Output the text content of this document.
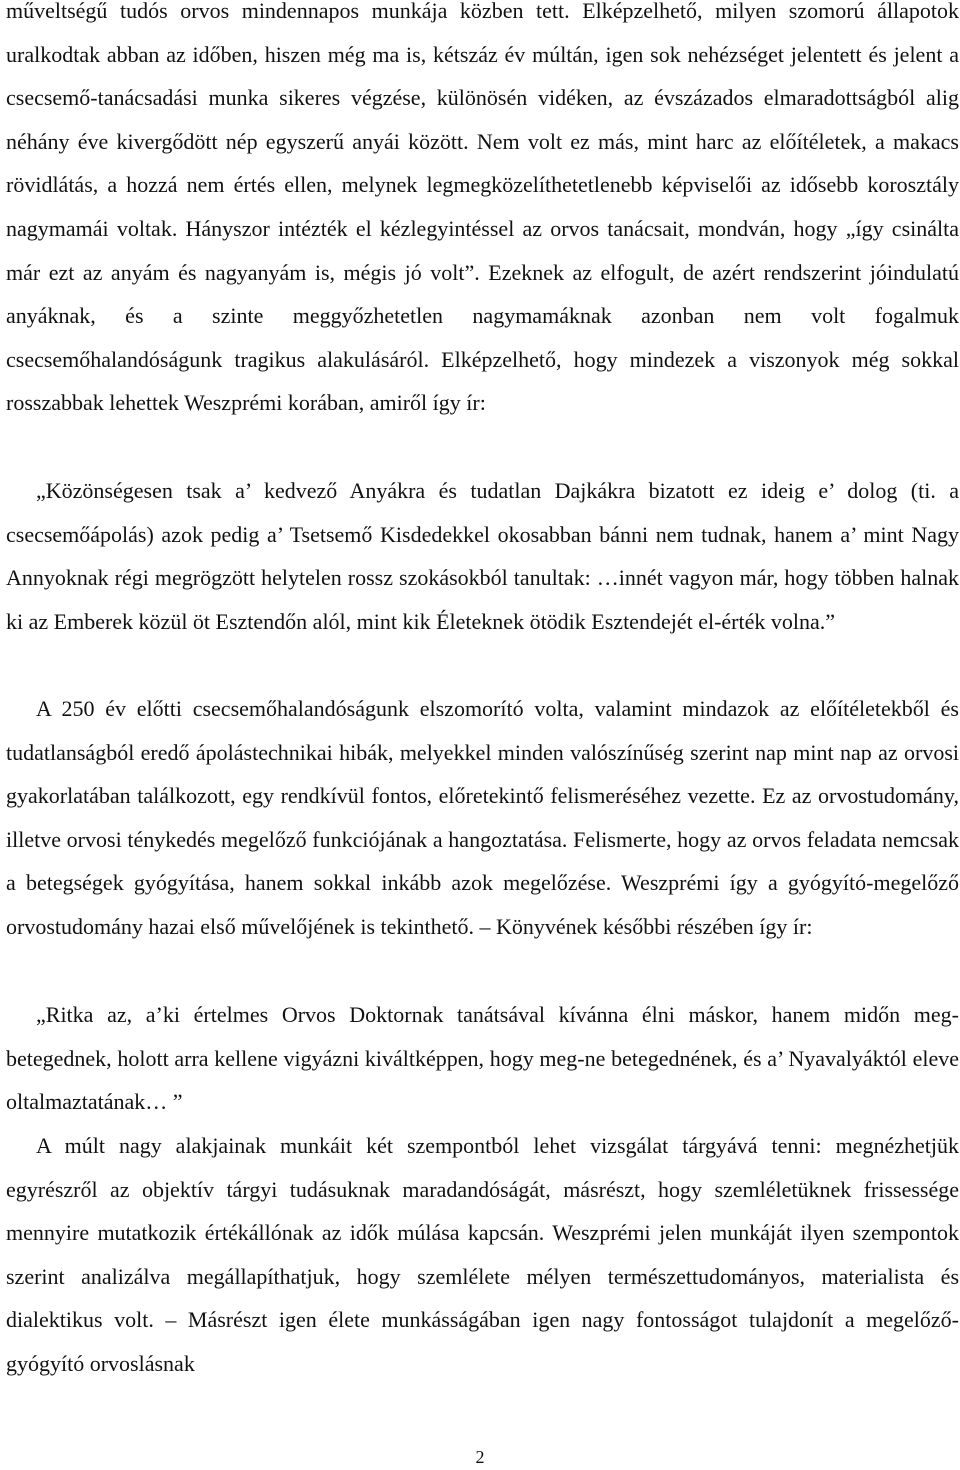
műveltségű tudós orvos mindennapos munkája közben tett. Elképzelhető, milyen szomorú állapotok uralkodtak abban az időben, hiszen még ma is, kétszáz év múltán, igen sok nehézséget jelentett és jelent a csecsemő-tanácsadási munka sikeres végzése, különösén vidéken, az évszázados elmaradottságból alig néhány éve kivergődött nép egyszerű anyái között. Nem volt ez más, mint harc az előítéletek, a makacs rövidlátás, a hozzá nem értés ellen, melynek legmegközelíthetetlenebb képviselői az idősebb korosztály nagymamái voltak. Hányszor intézték el kézlegyintéssel az orvos tanácsait, mondván, hogy „így csinálta már ezt az anyám és nagyanyám is, mégis jó volt”. Ezeknek az elfogult, de azért rendszerint jóindulatú anyáknak, és a szinte meggyőzhetetlen nagymamáknak azonban nem volt fogalmuk csecsemőhalandóságunk tragikus alakulásáról. Elképzelhető, hogy mindezek a viszonyok még sokkal rosszabbak lehettek Weszprémi korában, amiről így ír:

„Közönségesen tsak a’ kedvező Anyákra és tudatlan Dajkákra bizatott ez ideig e’ dolog (ti. a csecsemőápolás) azok pedig a’ Tsetsemő Kisdedekkel okosabban bánni nem tudnak, hanem a’ mint Nagy Annyoknak régi megrögzött helytelen rossz szokásokból tanultak: …innét vagyon már, hogy többen halnak ki az Emberek közül öt Esztendőn alól, mint kik Életeknek ötödik Esztendejét el-érték volna.”

A 250 év előtti csecsemőhalandóságunk elszomorító volta, valamint mindazok az előítéletekből és tudatlanságból eredő ápolástechnikai hibák, melyekkel minden valószínűség szerint nap mint nap az orvosi gyakorlatában találkozott, egy rendkívül fontos, előretekintő felismeréséhez vezette. Ez az orvostudomány, illetve orvosi ténykedés megelőző funkciójának a hangoztatása. Felismerte, hogy az orvos feladata nemcsak a betegségek gyógyítása, hanem sokkal inkább azok megelőzése. Weszprémi így a gyógyító-megelőző orvostudomány hazai első művelőjének is tekinthető. – Könyvének későbbi részében így ír:

„Ritka az, a’ki értelmes Orvos Doktornak tanátsával kívánna élni máskor, hanem midőn meg-betegednek, holott arra kellene vigyázni kiváltképpen, hogy meg-ne betegednének, és a’ Nyavalyáktól eleve oltalmaztatának… ”

A múlt nagy alakjainak munkáit két szempontból lehet vizsgálat tárgyává tenni: megnézhetjük egyrészről az objektív tárgyi tudásuknak maradandóságát, másrészt, hogy szemléletüknek frissessége mennyire mutatkozik értékállónak az idők múlása kapcsán. Weszprémi jelen munkáját ilyen szempontok szerint analizálva megállapíthatjuk, hogy szemlélete mélyen természettudományos, materialista és dialektikus volt. – Másrészt igen élete munkásságában igen nagy fontosságot tulajdonít a megelőző-gyógyító orvoslásnak

2
